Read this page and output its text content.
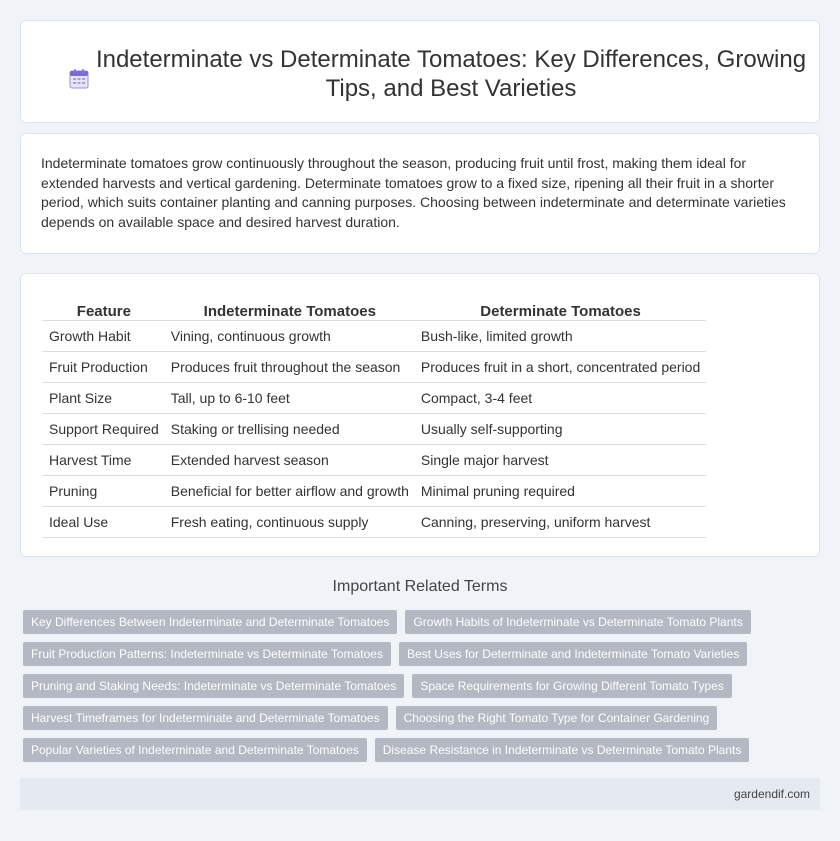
Indeterminate vs Determinate Tomatoes: Key Differences, Growing Tips, and Best Varieties

Indeterminate tomatoes grow continuously throughout the season, producing fruit until frost, making them ideal for extended harvests and vertical gardening. Determinate tomatoes grow to a fixed size, ripening all their fruit in a shorter period, which suits container planting and canning purposes. Choosing between indeterminate and determinate varieties depends on available space and desired harvest duration.

Feature	Indeterminate Tomatoes	Determinate Tomatoes
Growth Habit	Vining, continuous growth	Bush-like, limited growth
Fruit Production	Produces fruit throughout the season	Produces fruit in a short, concentrated period
Plant Size	Tall, up to 6-10 feet	Compact, 3-4 feet
Support Required	Staking or trellising needed	Usually self-supporting
Harvest Time	Extended harvest season	Single major harvest
Pruning	Beneficial for better airflow and growth	Minimal pruning required
Ideal Use	Fresh eating, continuous supply	Canning, preserving, uniform harvest
Important Related Terms
Key Differences Between Indeterminate and Determinate Tomatoes	Growth Habits of Indeterminate vs Determinate Tomato Plants
Fruit Production Patterns: Indeterminate vs Determinate Tomatoes	Best Uses for Determinate and Indeterminate Tomato Varieties
Pruning and Staking Needs: Indeterminate vs Determinate Tomatoes	Space Requirements for Growing Different Tomato Types
Harvest Timeframes for Indeterminate and Determinate Tomatoes	Choosing the Right Tomato Type for Container Gardening
Popular Varieties of Indeterminate and Determinate Tomatoes	Disease Resistance in Indeterminate vs Determinate Tomato Plants
gardendif.com
